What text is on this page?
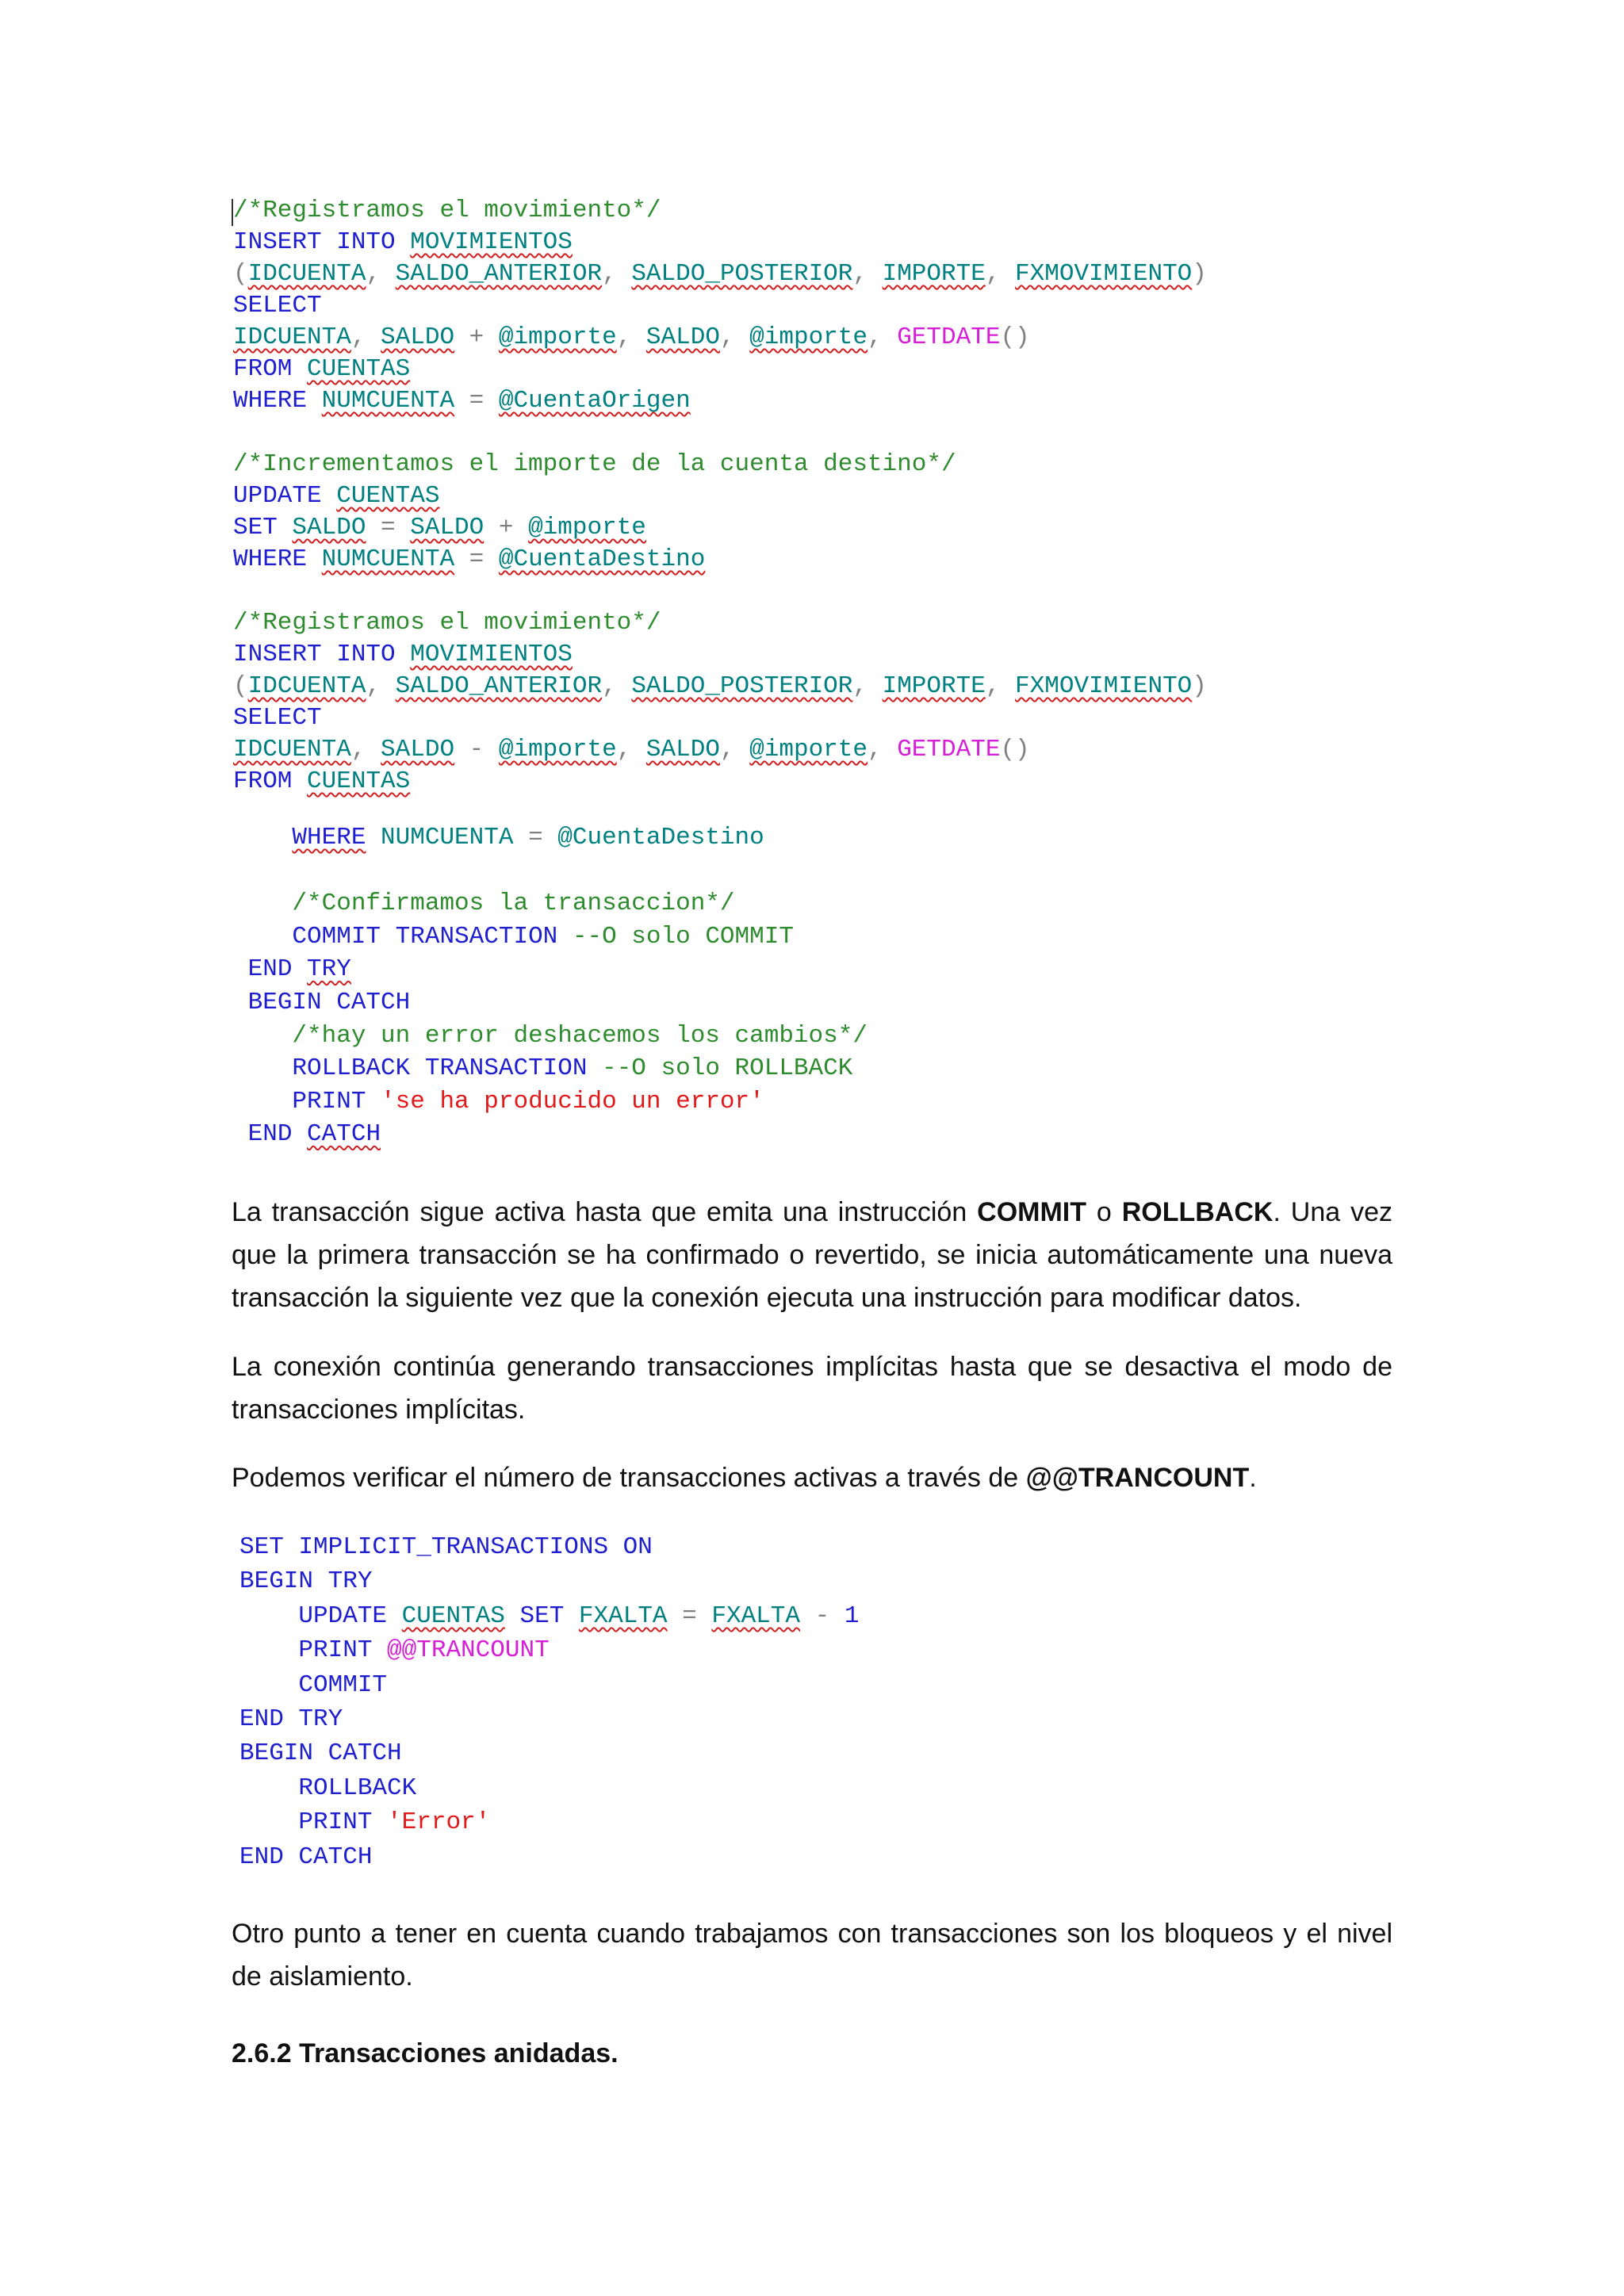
/*Registramos el movimiento*/
INSERT INTO MOVIMIENTOS
(IDCUENTA, SALDO_ANTERIOR, SALDO_POSTERIOR, IMPORTE, FXMOVIMIENTO)
SELECT
IDCUENTA, SALDO + @importe, SALDO, @importe, GETDATE()
FROM CUENTAS
WHERE NUMCUENTA = @CuentaOrigen

/*Incrementamos el importe de la cuenta destino*/
UPDATE CUENTAS
SET SALDO = SALDO + @importe
WHERE NUMCUENTA = @CuentaDestino

/*Registramos el movimiento*/
INSERT INTO MOVIMIENTOS
(IDCUENTA, SALDO_ANTERIOR, SALDO_POSTERIOR, IMPORTE, FXMOVIMIENTO)
SELECT
IDCUENTA, SALDO - @importe, SALDO, @importe, GETDATE()
FROM CUENTAS
WHERE NUMCUENTA = @CuentaDestino

/*Confirmamos la transaccion*/
COMMIT TRANSACTION --O solo COMMIT
END TRY
BEGIN CATCH
/*hay un error deshacemos los cambios*/
ROLLBACK TRANSACTION --O solo ROLLBACK
PRINT 'se ha producido un error'
END CATCH

La transacción sigue activa hasta que emita una instrucción COMMIT o ROLLBACK. Una vez que la primera transacción se ha confirmado o revertido, se inicia automáticamente una nueva transacción la siguiente vez que la conexión ejecuta una instrucción para modificar datos.

La conexión continúa generando transacciones implícitas hasta que se desactiva el modo de transacciones implícitas.

Podemos verificar el número de transacciones activas a través de @@TRANCOUNT.

SET IMPLICIT_TRANSACTIONS ON
BEGIN TRY
UPDATE CUENTAS SET FXALTA = FXALTA - 1
PRINT @@TRANCOUNT
COMMIT
END TRY
BEGIN CATCH
ROLLBACK
PRINT 'Error'
END CATCH

Otro punto a tener en cuenta cuando trabajamos con transacciones son los bloqueos y el nivel de aislamiento.

2.6.2 Transacciones anidadas.
